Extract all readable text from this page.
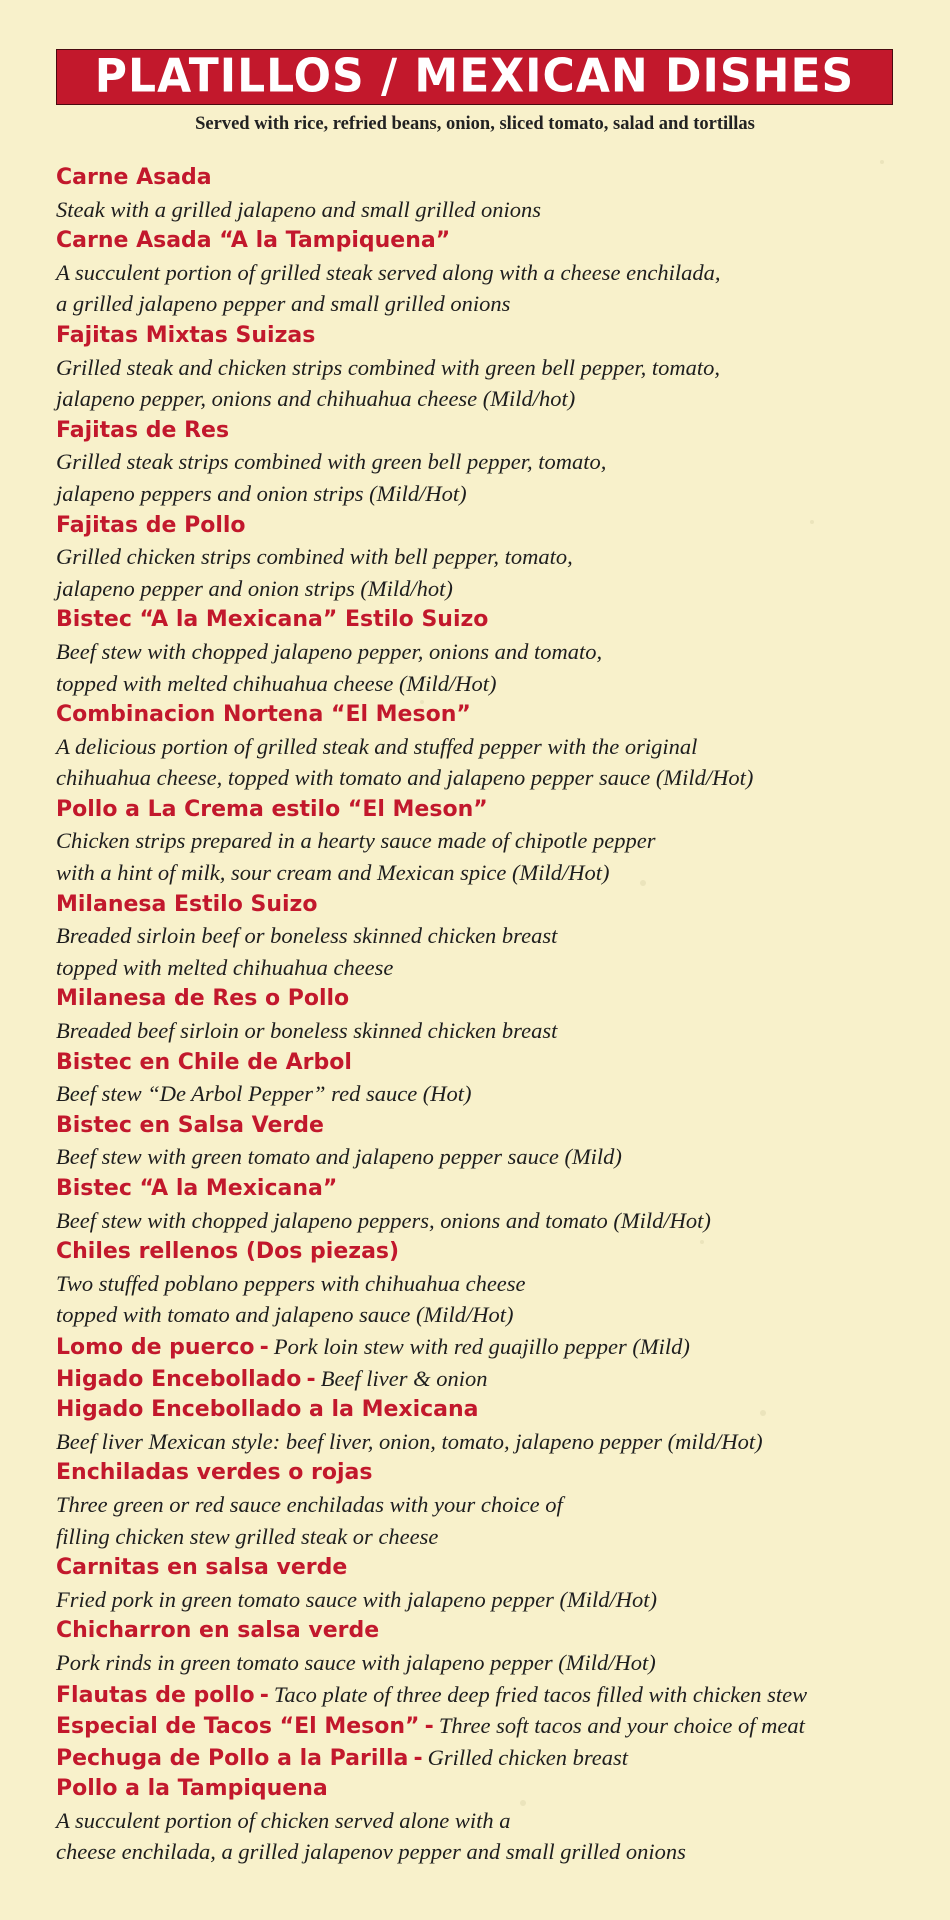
PLATILLOS / MEXICAN DISHES
Served with rice, refried beans, onion, sliced tomato, salad and tortillas
Carne Asada
Steak with a grilled jalapeno and small grilled onions
Carne Asada “A la Tampiquena”
A succulent portion of grilled steak served along with a cheese enchilada,
a grilled jalapeno pepper and small grilled onions
Fajitas Mixtas Suizas
Grilled steak and chicken strips combined with green bell pepper, tomato,
jalapeno pepper, onions and chihuahua cheese (Mild/hot)
Fajitas de Res
Grilled steak strips combined with green bell pepper, tomato,
jalapeno peppers and onion strips (Mild/Hot)
Fajitas de Pollo
Grilled chicken strips combined with bell pepper, tomato,
jalapeno pepper and onion strips (Mild/hot)
Bistec “A la Mexicana” Estilo Suizo
Beef stew with chopped jalapeno pepper, onions and tomato,
topped with melted chihuahua cheese (Mild/Hot)
Combinacion Nortena “El Meson”
A delicious portion of grilled steak and stuffed pepper with the original
chihuahua cheese, topped with tomato and jalapeno pepper sauce (Mild/Hot)
Pollo a La Crema estilo “El Meson”
Chicken strips prepared in a hearty sauce made of chipotle pepper
with a hint of milk, sour cream and Mexican spice (Mild/Hot)
Milanesa Estilo Suizo
Breaded sirloin beef or boneless skinned chicken breast
topped with melted chihuahua cheese
Milanesa de Res o Pollo
Breaded beef sirloin or boneless skinned chicken breast
Bistec en Chile de Arbol
Beef stew “De Arbol Pepper” red sauce (Hot)
Bistec en Salsa Verde
Beef stew with green tomato and jalapeno pepper sauce (Mild)
Bistec “A la Mexicana”
Beef stew with chopped jalapeno peppers, onions and tomato (Mild/Hot)
Chiles rellenos (Dos piezas)
Two stuffed poblano peppers with chihuahua cheese
topped with tomato and jalapeno sauce (Mild/Hot)
Lomo de puerco - Pork loin stew with red guajillo pepper (Mild)
Higado Encebollado - Beef liver & onion
Higado Encebollado a la Mexicana
Beef liver Mexican style: beef liver, onion, tomato, jalapeno pepper (mild/Hot)
Enchiladas verdes o rojas
Three green or red sauce enchiladas with your choice of
filling chicken stew grilled steak or cheese
Carnitas en salsa verde
Fried pork in green tomato sauce with jalapeno pepper (Mild/Hot)
Chicharron en salsa verde
Pork rinds in green tomato sauce with jalapeno pepper (Mild/Hot)
Flautas de pollo - Taco plate of three deep fried tacos filled with chicken stew
Especial de Tacos “El Meson” - Three soft tacos and your choice of meat
Pechuga de Pollo a la Parilla - Grilled chicken breast
Pollo a la Tampiquena
A succulent portion of chicken served alone with a
cheese enchilada, a grilled jalapenov pepper and small grilled onions
